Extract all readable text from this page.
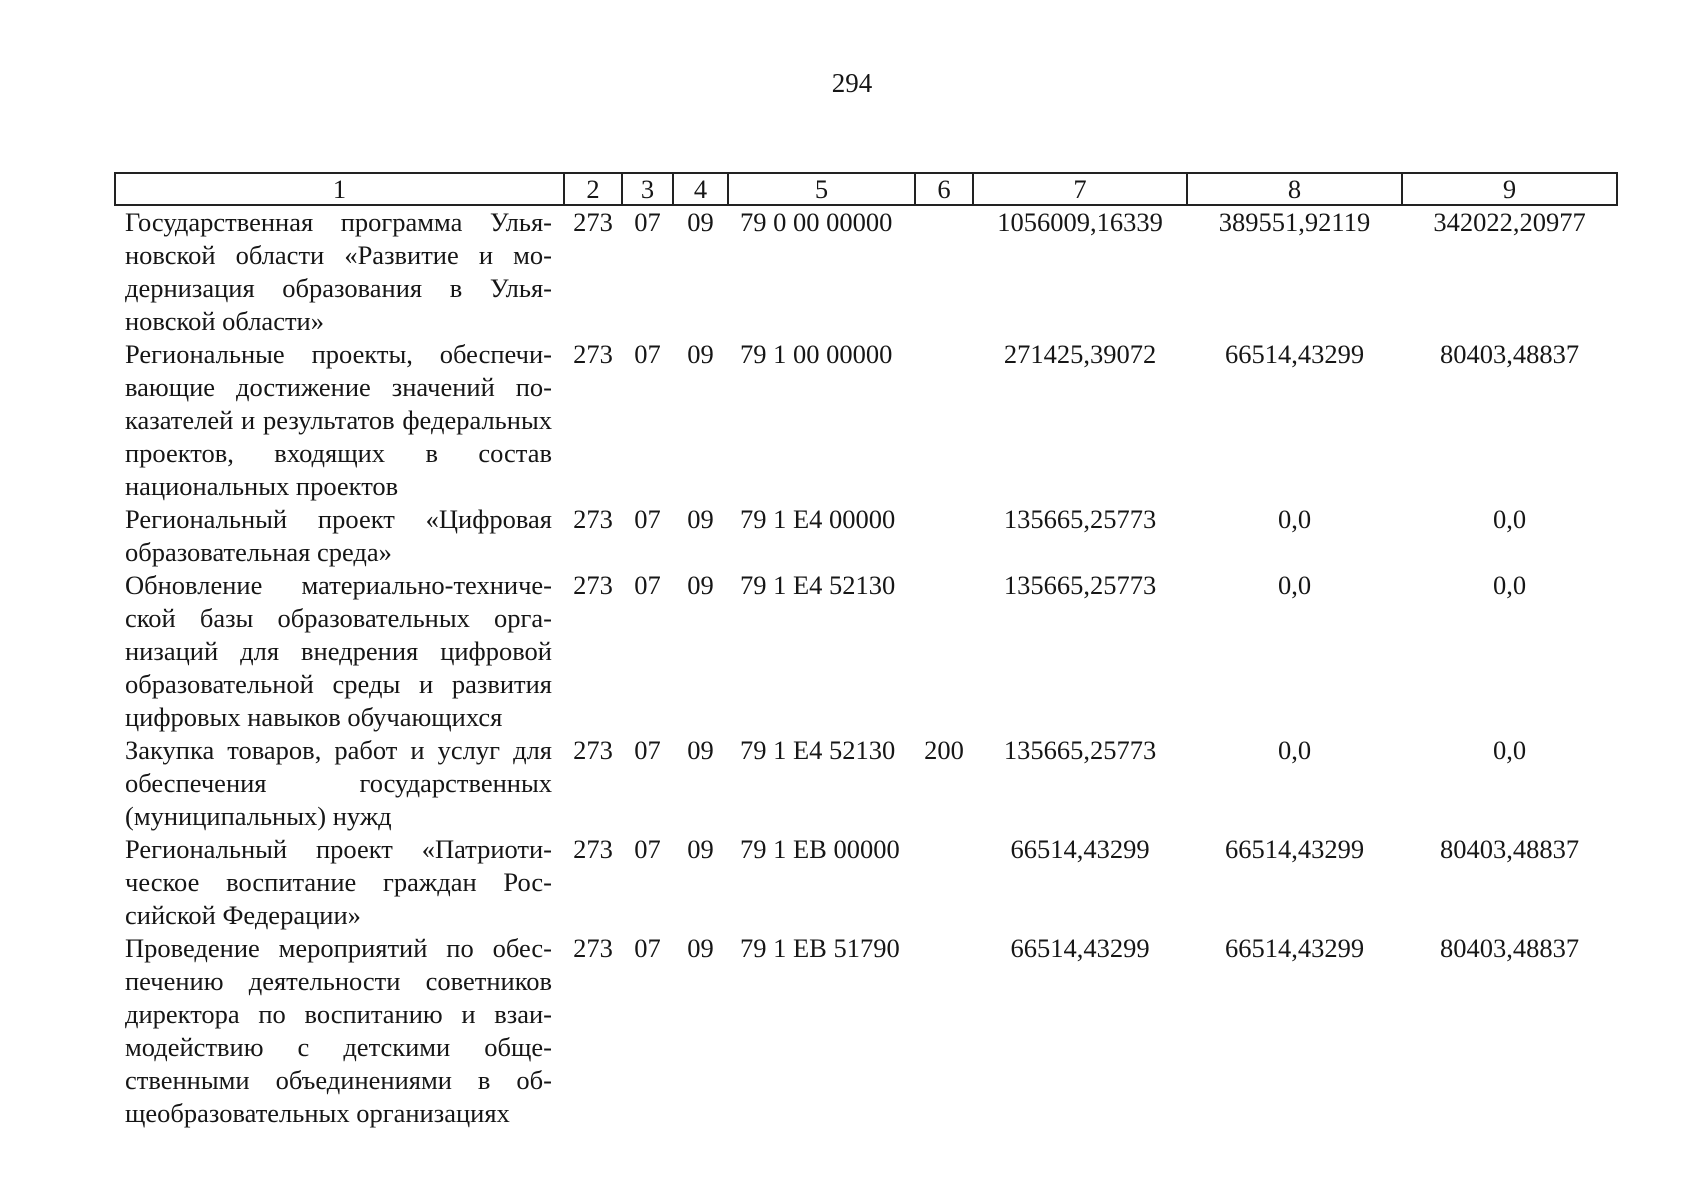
294
1	2	3	4	5	6	7	8	9
Государственная программа Ульяновской области «Развитие и модернизация образования в Ульяновской области»	273	07	09	79 0 00 00000		1056009,16339	389551,92119	342022,20977
Региональные проекты, обеспечивающие достижение значений показателей и результатов федеральных проектов, входящих в состав национальных проектов	273	07	09	79 1 00 00000		271425,39072	66514,43299	80403,48837
Региональный проект «Цифровая образовательная среда»	273	07	09	79 1 Е4 00000		135665,25773	0,0	0,0
Обновление материально-технической базы образовательных организаций для внедрения цифровой образовательной среды и развития цифровых навыков обучающихся	273	07	09	79 1 Е4 52130		135665,25773	0,0	0,0
Закупка товаров, работ и услуг для обеспечения государственных (муниципальных) нужд	273	07	09	79 1 Е4 52130	200	135665,25773	0,0	0,0
Региональный проект «Патриотическое воспитание граждан Российской Федерации»	273	07	09	79 1 ЕВ 00000		66514,43299	66514,43299	80403,48837
Проведение мероприятий по обеспечению деятельности советников директора по воспитанию и взаимодействию с детскими общественными объединениями в общеобразовательных организациях	273	07	09	79 1 ЕВ 51790		66514,43299	66514,43299	80403,48837
